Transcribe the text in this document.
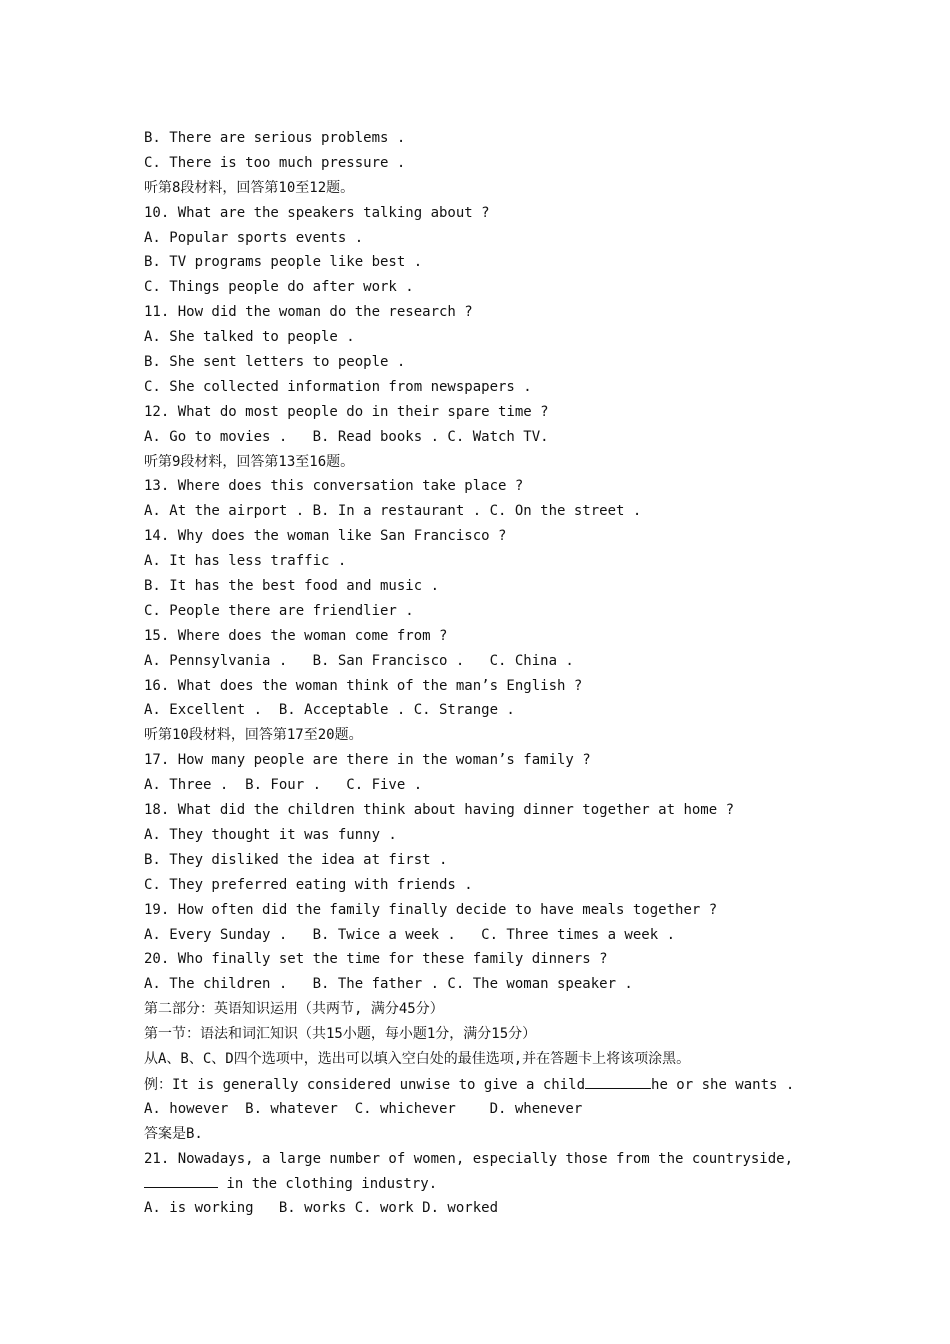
B. There are serious problems .
C. There is too much pressure .
听第8段材料，回答第10至12题。
10. What are the speakers talking about ?
A. Popular sports events .
B. TV programs people like best .
C. Things people do after work .
11. How did the woman do the research ?
A. She talked to people .
B. She sent letters to people .
C. She collected information from newspapers .
12. What do most people do in their spare time ?
A. Go to movies .   B. Read books . C. Watch TV.
听第9段材料，回答第13至16题。
13. Where does this conversation take place ?
A. At the airport . B. In a restaurant . C. On the street .
14. Why does the woman like San Francisco ?
A. It has less traffic .
B. It has the best food and music .
C. People there are friendlier .
15. Where does the woman come from ?
A. Pennsylvania .   B. San Francisco .   C. China .
16. What does the woman think of the man’s English ?
A. Excellent .  B. Acceptable . C. Strange .
听第10段材料，回答第17至20题。
17. How many people are there in the woman’s family ?
A. Three .  B. Four .   C. Five .
18. What did the children think about having dinner together at home ?
A. They thought it was funny .
B. They disliked the idea at first .
C. They preferred eating with friends .
19. How often did the family finally decide to have meals together ?
A. Every Sunday .   B. Twice a week .   C. Three times a week .
20. Who finally set the time for these family dinners ?
A. The children .   B. The father . C. The woman speaker .
第二部分：英语知识运用（共两节, 满分45分）
第一节：语法和词汇知识（共15小题，每小题1分，满分15分）
从A、B、C、D四个选项中，选出可以填入空白处的最佳选项,并在答题卡上将该项涂黑。
例：It is generally considered unwise to give a child	he or she wants .
A. however  B. whatever  C. whichever    D. whenever
答案是B.
21. Nowadays, a large number of women, especially those from the countryside,
in the clothing industry.
A. is working   B. works C. work D. worked
